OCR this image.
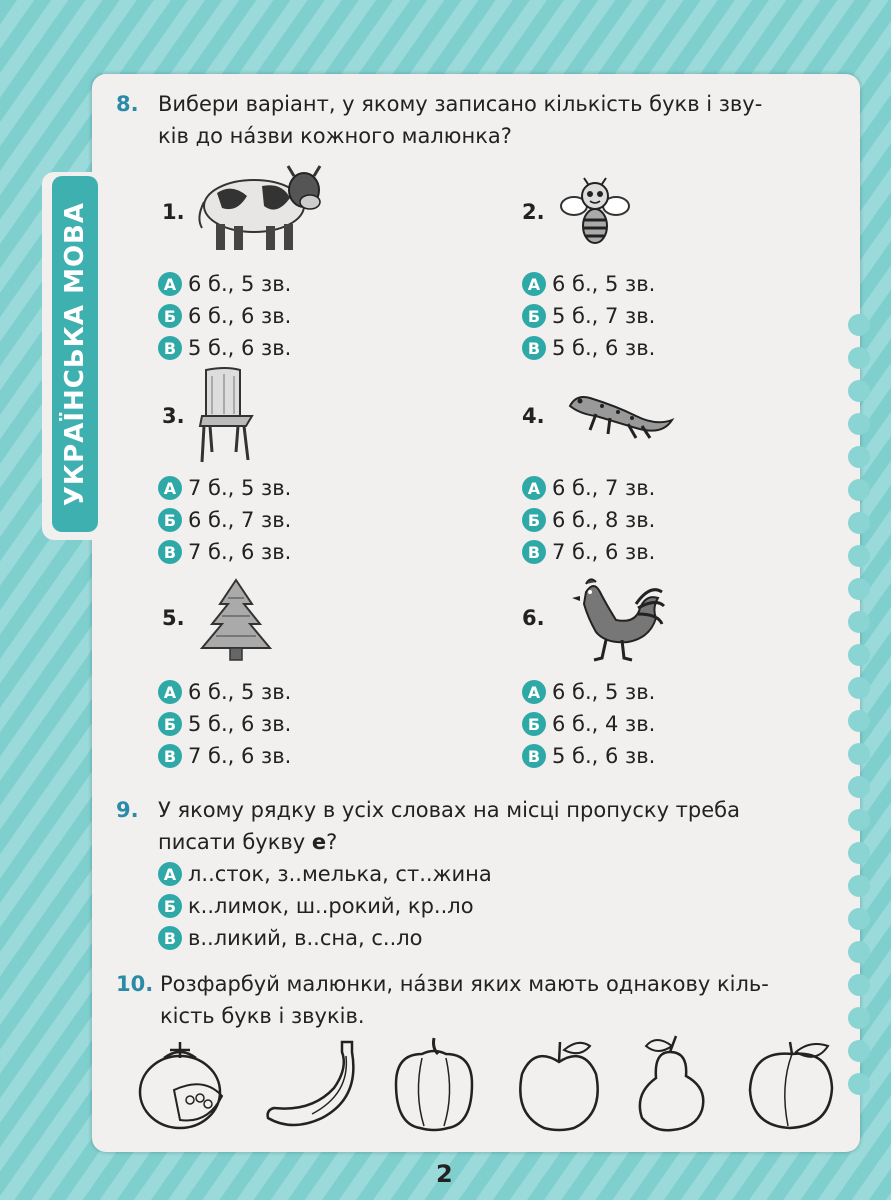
УКРАЇНСЬКА МОВА
8. Вибери варіант, у якому записано кількість букв і зву-
ків до нáзви кожного малюнка?
1.
А 6 б., 5 зв.
Б 6 б., 6 зв.
В 5 б., 6 зв.
2.
А 6 б., 5 зв.
Б 5 б., 7 зв.
В 5 б., 6 зв.
3.
А 7 б., 5 зв.
Б 6 б., 7 зв.
В 7 б., 6 зв.
4.
А 6 б., 7 зв.
Б 6 б., 8 зв.
В 7 б., 6 зв.
5.
А 6 б., 5 зв.
Б 5 б., 6 зв.
В 7 б., 6 зв.
6.
А 6 б., 5 зв.
Б 6 б., 4 зв.
В 5 б., 6 зв.
9. У якому рядку в усіх словах на місці пропуску треба
писати букву е?
А л..сток, з..мелька, ст..жина
Б к..лимок, ш..рокий, кр..ло
В в..ликий, в..сна, с..ло
10. Розфарбуй малюнки, нáзви яких мають однакову кіль-
кість букв і звуків.
2
